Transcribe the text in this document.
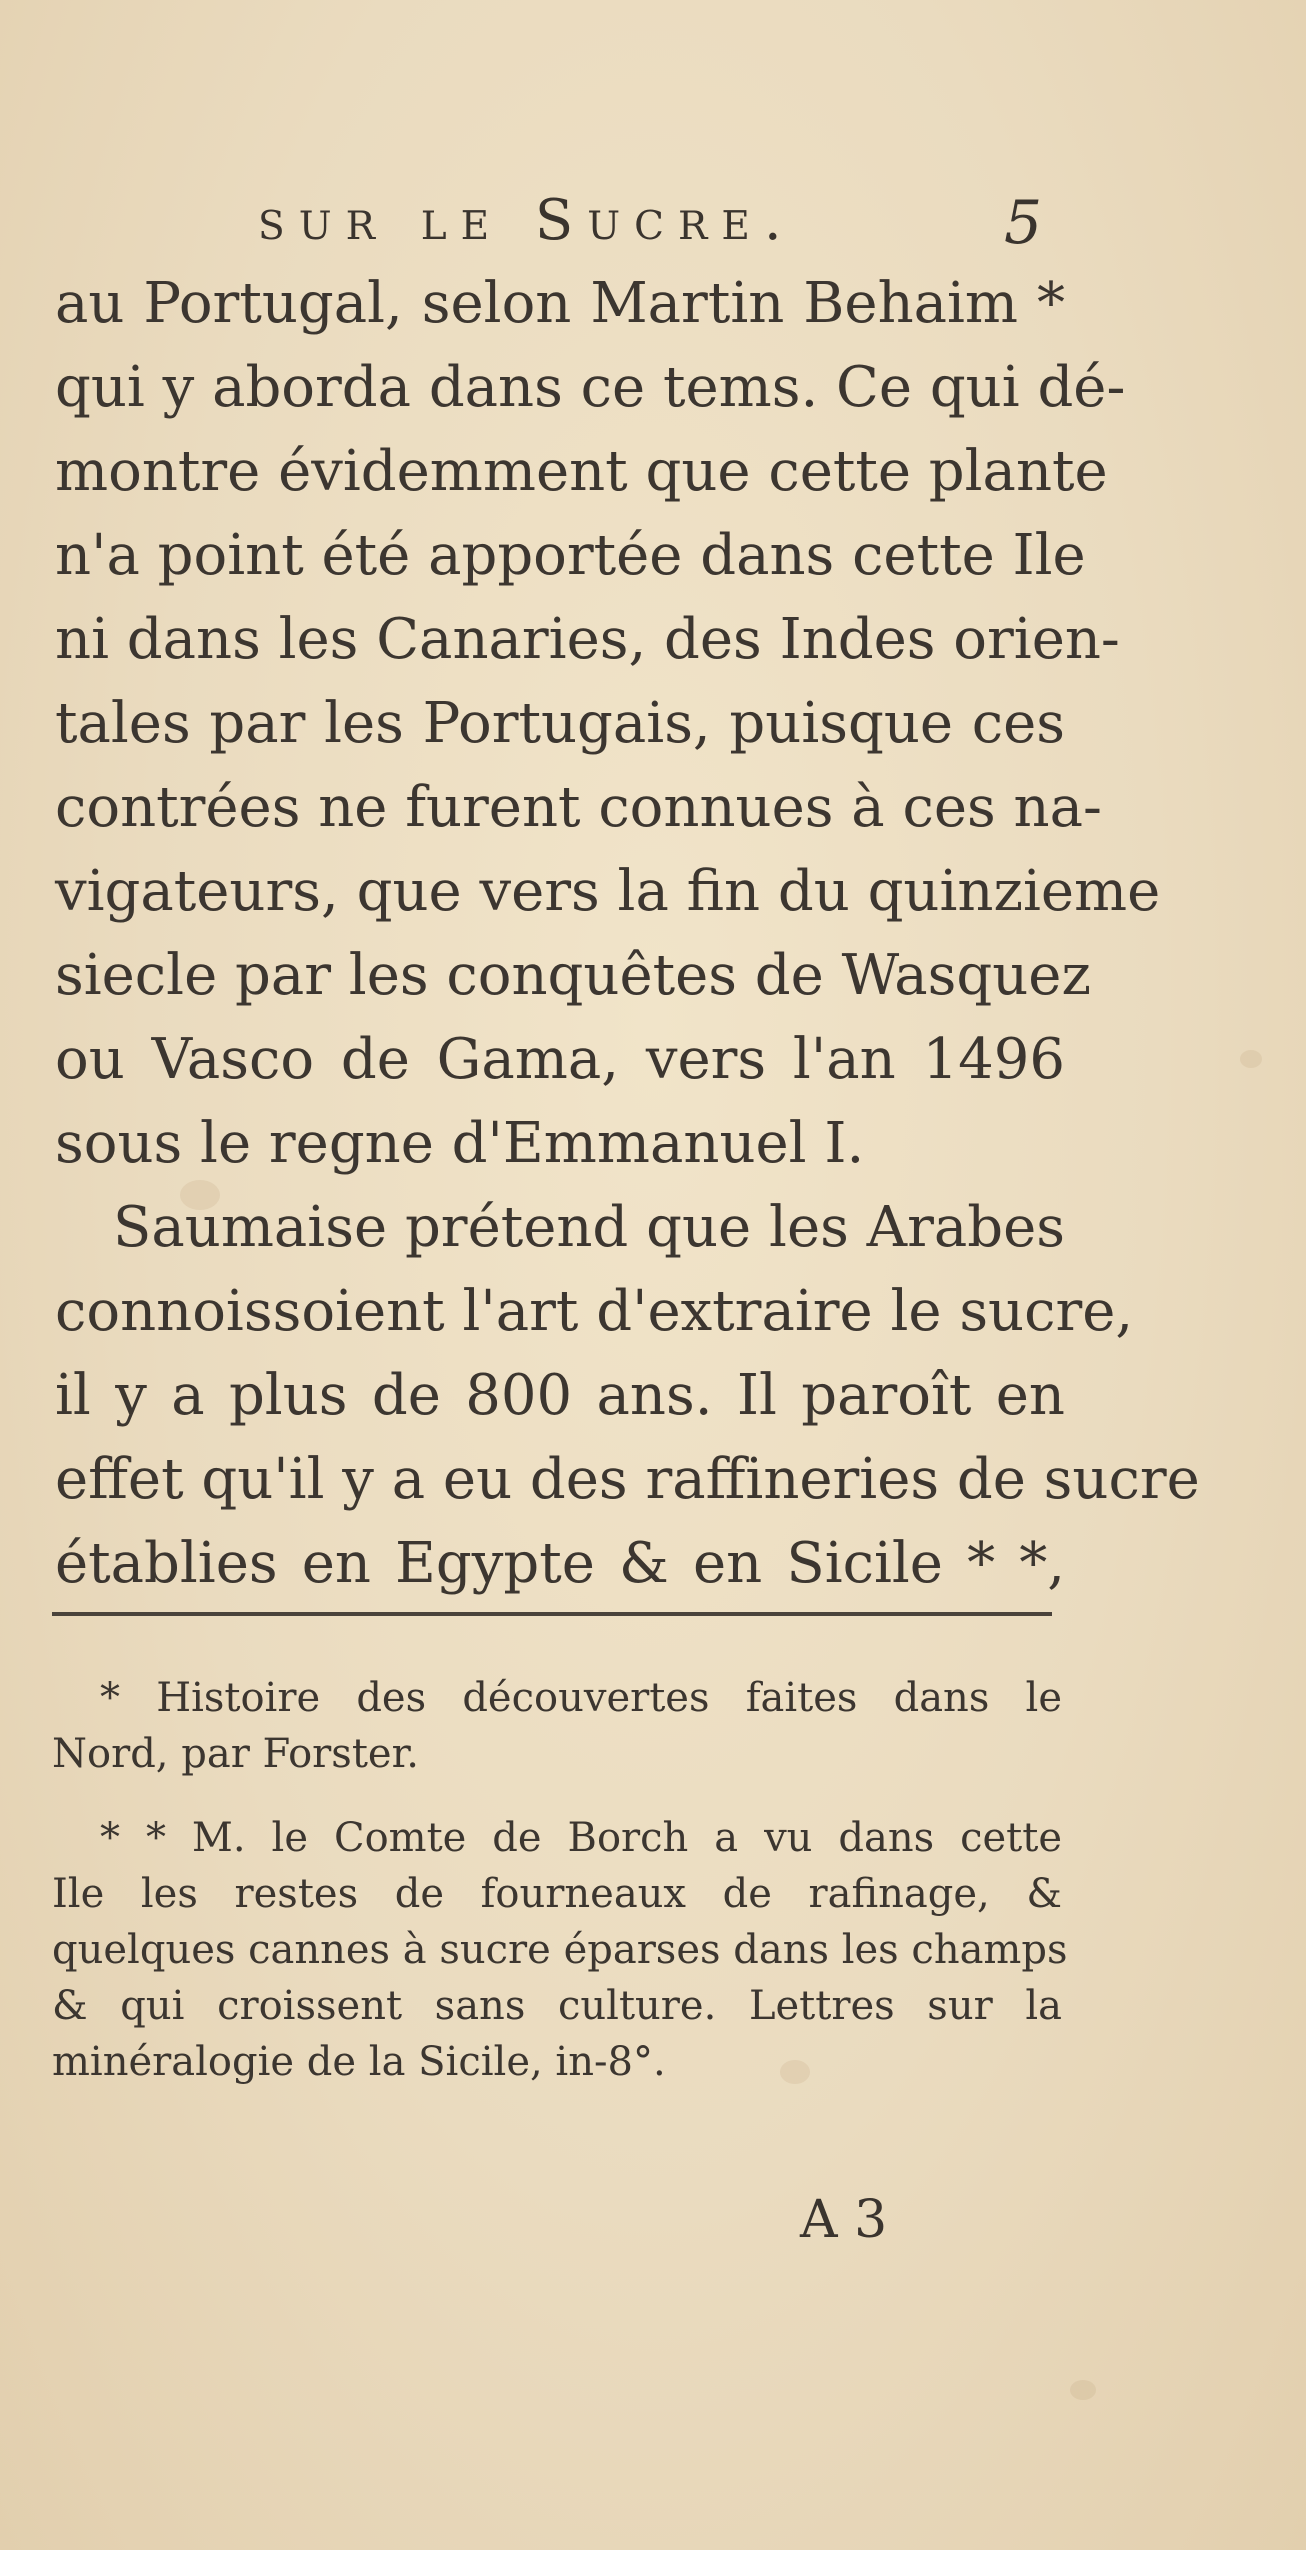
sur le Sucre.	5
au Portugal, selon Martin Behaim *
qui y aborda dans ce tems. Ce qui dé-
montre évidemment que cette plante
n'a point été apportée dans cette Ile
ni dans les Canaries, des Indes orien-
tales par les Portugais, puisque ces
contrées ne furent connues à ces na-
vigateurs, que vers la fin du quinzieme
siecle par les conquêtes de Wasquez
ou Vasco de Gama, vers l'an 1496
sous le regne d'Emmanuel I.
Saumaise prétend que les Arabes
connoissoient l'art d'extraire le sucre,
il y a plus de 800 ans. Il paroît en
effet qu'il y a eu des raffineries de sucre
établies en Egypte & en Sicile * *,
* Histoire des découvertes faites dans le
Nord, par Forster.
* * M. le Comte de Borch a vu dans cette
Ile les restes de fourneaux de rafinage, &
quelques cannes à sucre éparses dans les champs
& qui croissent sans culture. Lettres sur la
minéralogie de la Sicile, in-8°.
A 3
